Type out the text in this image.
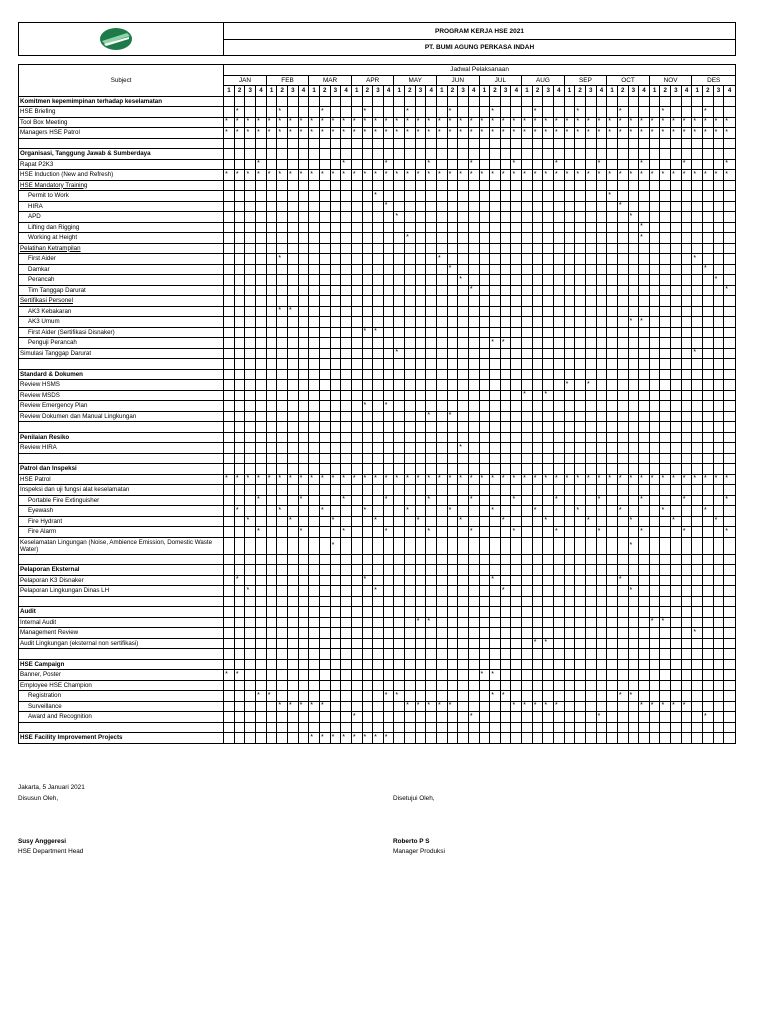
PROGRAM KERJA HSE 2021
PT. BUMI AGUNG PERKASA INDAH
Subject	Jadwal Pelaksanaan																																															
	JAN				FEB				MAR				APR				MAY				JUN				JUL				AUG				SEP				OCT				NOV				DES			
	1	2	3	4	1	2	3	4	1	2	3	4	1	2	3	4	1	2	3	4	1	2	3	4	1	2	3	4	1	2	3	4	1	2	3	4	1	2	3	4	1	2	3	4	1	2	3	4
Komitmen kepemimpinan terhadap keselamatan																																																
HSE Briefing		*				*				*				*				*				*				*				*				*				*				*				*		
Tool Box Meeting	*	*	*	*	*	*	*	*	*	*	*	*	*	*	*	*	*	*	*	*	*	*	*	*	*	*	*	*	*	*	*	*	*	*	*	*	*	*	*	*	*	*	*	*	*	*	*	*
Managers HSE Patrol	*	*	*	*	*	*	*	*	*	*	*	*	*	*	*	*	*	*	*	*	*	*	*	*	*	*	*	*	*	*	*	*	*	*	*	*	*	*	*	*	*	*	*	*	*	*	*	*

Organisasi, Tanggung Jawab & Sumberdaya																																																
Rapat P2K3				*								*				*				*				*				*				*				*				*				*				*
HSE Induction (New and Refresh)	*	*	*	*	*	*	*	*	*	*	*	*	*	*	*	*	*	*	*	*	*	*	*	*	*	*	*	*	*	*	*	*	*	*	*	*	*	*	*	*	*	*	*	*	*	*	*	*
HSE Mandatory Training																																																
Permit to Work															*																						*											
HIRA																*																						*										
APD																	*																						*									
Lifting dan Rigging																																								*								
Working at Height																		*																						*								
Pelatihan Ketrampilan																																																
First Aider						*															*																								*			
Damkar																						*																								*		
Perancah																							*																								*	
Tim Tanggap Darurat																								*																								*
Sertifikasi Personel																																																
AK3 Kebakaran						*	*																																									
AK3 Umum																																							*	*								
First Aider (Sertifikasi Disnaker)														*	*																																	
Penguji Perancah																										*	*																					
Simulasi Tanggap Darurat																	*																												*			

Standard & Dokumen																																																
Review HSMS																																	*		*													
Review MSDS																													*		*																	
Review Emergency Plan														*		*																																
Review Dokumen dan Manual Lingkungan																				*		*																										

Penilaian Resiko																																																
Review HIRA																							*																									

Patrol dan Inspeksi																																																
HSE Patrol	*	*	*	*	*	*	*	*	*	*	*	*	*	*	*	*	*	*	*	*	*	*	*	*	*	*	*	*	*	*	*	*	*	*	*	*	*	*	*	*	*	*	*	*	*	*	*	*
Inspeksi dan uji fungsi alat keselamatan																																																
Portable Fire Extinguisher				*				*				*				*				*				*				*				*				*				*				*				*
Eyewash		*				*				*				*				*				*				*				*				*				*				*				*		
Fire Hydrant			*				*				*				*				*				*				*				*				*				*				*				*	
Fire Alarm				*				*				*				*				*				*				*				*				*				*				*				*
Keselamatan Lingungan (Noise, Ambience Emission, Domestic Waste Water)											*																												*									

Pelaporan Eksternal																																																
Pelaporan K3 Disnaker		*												*												*												*										
Pelaporan Lingkungan Dinas LH			*												*												*												*									

Audit																																																
Internal Audit																			*	*																					*	*						
Management Review																																													*			
Audit Lingkungan (eksternal non sertifikasi)																														*	*																	

HSE Campaign																																																
Banner, Poster	*	*																							*	*																						
Employee HSE Champion																																																
Registration				*	*											*	*									*	*											*	*									
Surveillance						*	*	*	*	*								*	*	*	*	*						*	*	*	*	*								*	*	*	*	*				
Award and Recognition													*											*												*										*		

HSE Facility Improvement Projects									*	*	*	*	*	*	*	*																																
Jakarta, 5 Januari 2021
Disusun Oleh,	Disetujui Oleh,
Susy Anggeresi
HSE Department Head
Roberto P S
Manager Produksi
